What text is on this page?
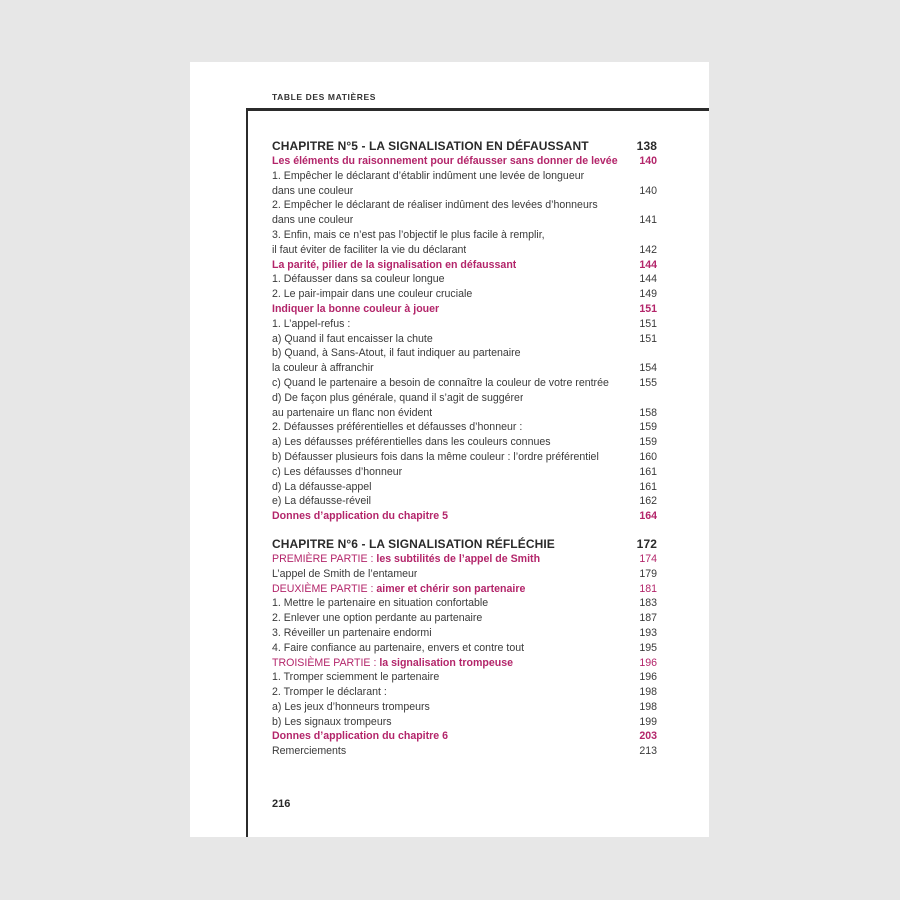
TABLE DES MATIÈRES
CHAPITRE N°5 - LA SIGNALISATION EN DÉFAUSSANT	138
Les éléments du raisonnement pour défausser sans donner de levée	140
1. Empêcher le déclarant d’établir indûment une levée de longueur
dans une couleur	140
2. Empêcher le déclarant de réaliser indûment des levées d’honneurs
dans une couleur	141
3. Enfin, mais ce n’est pas l’objectif le plus facile à remplir,
il faut éviter de faciliter la vie du déclarant	142
La parité, pilier de la signalisation en défaussant	144
1. Défausser dans sa couleur longue	144
2. Le pair-impair dans une couleur cruciale	149
Indiquer la bonne couleur à jouer	151
1. L’appel-refus :	151
a) Quand il faut encaisser la chute	151
b) Quand, à Sans-Atout, il faut indiquer au partenaire
la couleur à affranchir	154
c) Quand le partenaire a besoin de connaître la couleur de votre rentrée	155
d) De façon plus générale, quand il s’agit de suggérer
au partenaire un flanc non évident	158
2. Défausses préférentielles et défausses d’honneur :	159
a) Les défausses préférentielles dans les couleurs connues	159
b) Défausser plusieurs fois dans la même couleur : l’ordre préférentiel	160
c) Les défausses d’honneur	161
d) La défausse-appel	161
e) La défausse-réveil	162
Donnes d’application du chapitre 5	164
CHAPITRE N°6 - LA SIGNALISATION RÉFLÉCHIE	172
PREMIÈRE PARTIE : les subtilités de l’appel de Smith	174
L’appel de Smith de l’entameur	179
DEUXIÈME PARTIE : aimer et chérir son partenaire	181
1. Mettre le partenaire en situation confortable	183
2. Enlever une option perdante au partenaire	187
3. Réveiller un partenaire endormi	193
4. Faire confiance au partenaire, envers et contre tout	195
TROISIÈME PARTIE : la signalisation trompeuse	196
1. Tromper sciemment le partenaire	196
2. Tromper le déclarant :	198
a) Les jeux d’honneurs trompeurs	198
b) Les signaux trompeurs	199
Donnes d’application du chapitre 6	203
Remerciements	213
216
